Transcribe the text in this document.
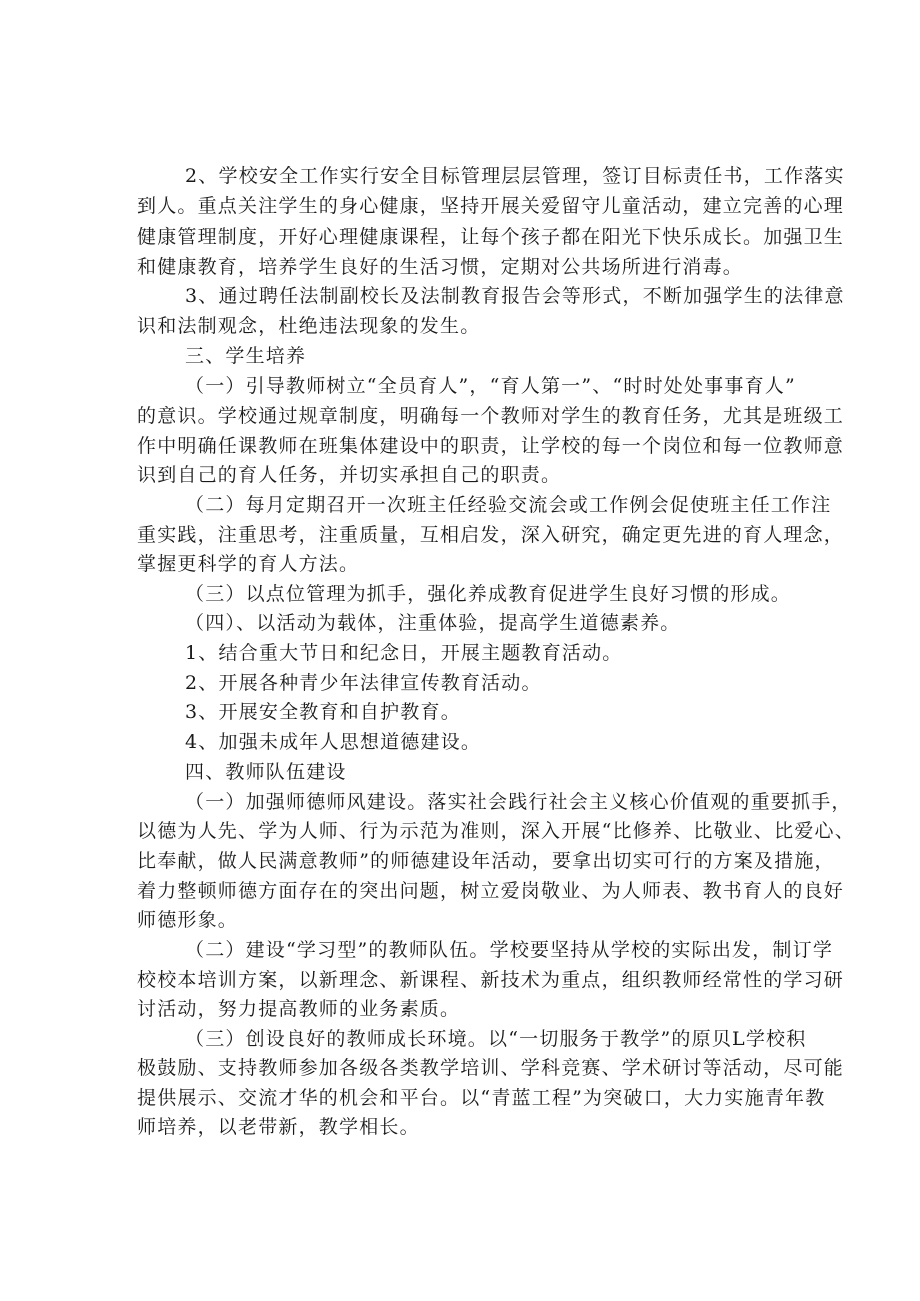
2、学校安全工作实行安全目标管理层层管理，签订目标责任书，工作落实
到人。重点关注学生的身心健康，坚持开展关爱留守儿童活动，建立完善的心理
健康管理制度，开好心理健康课程，让每个孩子都在阳光下快乐成长。加强卫生
和健康教育，培养学生良好的生活习惯，定期对公共场所进行消毒。
3、通过聘任法制副校长及法制教育报告会等形式，不断加强学生的法律意
识和法制观念，杜绝违法现象的发生。
三、学生培养
（一）引导教师树立“全员育人”，“育人第一”、“时时处处事事育人”
的意识。学校通过规章制度，明确每一个教师对学生的教育任务，尤其是班级工
作中明确任课教师在班集体建设中的职责，让学校的每一个岗位和每一位教师意
识到自己的育人任务，并切实承担自己的职责。
（二）每月定期召开一次班主任经验交流会或工作例会促使班主任工作注
重实践，注重思考，注重质量，互相启发，深入研究，确定更先进的育人理念，
掌握更科学的育人方法。
（三）以点位管理为抓手，强化养成教育促进学生良好习惯的形成。
（四）、以活动为载体，注重体验，提高学生道德素养。
1、结合重大节日和纪念日，开展主题教育活动。
2、开展各种青少年法律宣传教育活动。
3、开展安全教育和自护教育。
4、加强未成年人思想道德建设。
四、教师队伍建设
（一）加强师德师风建设。落实社会践行社会主义核心价值观的重要抓手，
以德为人先、学为人师、行为示范为准则，深入开展“比修养、比敬业、比爱心、
比奉献，做人民满意教师”的师德建设年活动，要拿出切实可行的方案及措施，
着力整顿师德方面存在的突出问题，树立爱岗敬业、为人师表、教书育人的良好
师德形象。
（二）建设“学习型”的教师队伍。学校要坚持从学校的实际出发，制订学
校校本培训方案，以新理念、新课程、新技术为重点，组织教师经常性的学习研
讨活动，努力提高教师的业务素质。
（三）创设良好的教师成长环境。以“一切服务于教学”的原贝L学校积
极鼓励、支持教师参加各级各类教学培训、学科竞赛、学术研讨等活动，尽可能
提供展示、交流才华的机会和平台。以“青蓝工程”为突破口，大力实施青年教
师培养，以老带新，教学相长。
